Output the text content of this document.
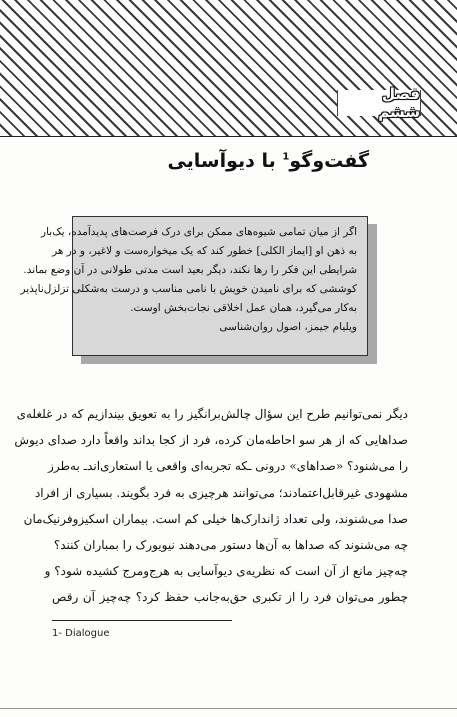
فصل ششم
گفت‌وگو$^1$ با دیوآسایی
اگر از میان تمامی شیوه‌های ممکن برای درک فرصت‌های پدیدآمده، یک‌بار
به ذهن او [ایماز الکلی] خطور کند که یک میخواره‌ست و لاغیر، و در هر
شرایطی این فکر را رها نکند، دیگر بعید است مدتی طولانی در آن وضع بماند.
کوششی که برای نامیدن خویش با نامی مناسب و درست به‌شکلی تزلزل‌ناپذیر
به‌کار می‌گیرد، همان عمل اخلاقی نجات‌بخش اوست.
ویلیام جیمز، اصول روان‌شناسی
دیگر نمی‌توانیم طرح این سؤال چالش‌برانگیز را به تعویق بیندازیم که در غلغله‌ی
صداهایی که از هر سو احاطه‌مان کرده، فرد از کجا بداند واقعاً دارد صدای دیوش
را می‌شنود؟ «صداهای» درونی ـکه تجربه‌ای واقعی یا استعاری‌اندـ به‌طرز
مشهودی غیرقابل‌اعتمادند؛ می‌توانند هرچیزی به فرد بگویند. بسیاری از افراد
صدا می‌شنوند، ولی تعداد ژاندارک‌ها خیلی کم است. بیماران اسکیزوفرنیک‌مان
چه می‌شنوند که صداها به آن‌ها دستور می‌دهند نیویورک را بمباران کنند؟
چه‌چیز مانع از آن است که نظریه‌ی دیوآسایی به هرج‌ومرج کشیده شود؟ و
چطور می‌توان فرد را از تکبری حق‌به‌جانب حفظ کرد؟ چه‌چیز آن رقص
1- Dialogue
